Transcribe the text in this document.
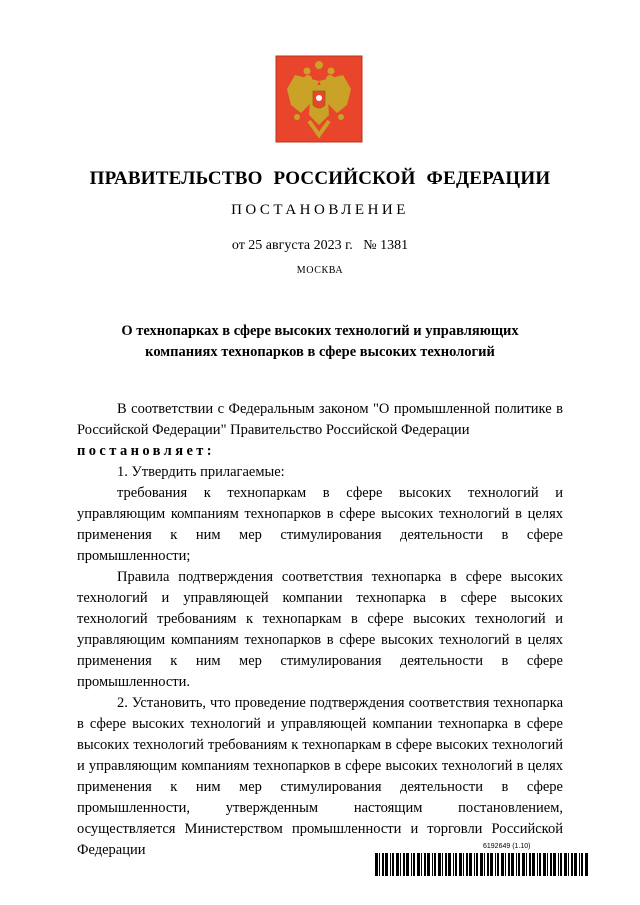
ПРАВИТЕЛЬСТВО РОССИЙСКОЙ ФЕДЕРАЦИИ
ПОСТАНОВЛЕНИЕ
от 25 августа 2023 г. № 1381
МОСКВА
О технопарках в сфере высоких технологий и управляющих
компаниях технопарков в сфере высоких технологий

В соответствии с Федеральным законом "О промышленной политике в Российской Федерации" Правительство Российской Федерации

постановляет:

1. Утвердить прилагаемые:

требования к технопаркам в сфере высоких технологий и управляющим компаниям технопарков в сфере высоких технологий в целях применения к ним мер стимулирования деятельности в сфере промышленности;

Правила подтверждения соответствия технопарка в сфере высоких технологий и управляющей компании технопарка в сфере высоких технологий требованиям к технопаркам в сфере высоких технологий и управляющим компаниям технопарков в сфере высоких технологий в целях применения к ним мер стимулирования деятельности в сфере промышленности.

2. Установить, что проведение подтверждения соответствия технопарка в сфере высоких технологий и управляющей компании технопарка в сфере высоких технологий требованиям к технопаркам в сфере высоких технологий и управляющим компаниям технопарков в сфере высоких технологий в целях применения к ним мер стимулирования деятельности в сфере промышленности, утвержденным настоящим постановлением, осуществляется Министерством промышленности и торговли Российской Федерации	6192649 (1.10)
